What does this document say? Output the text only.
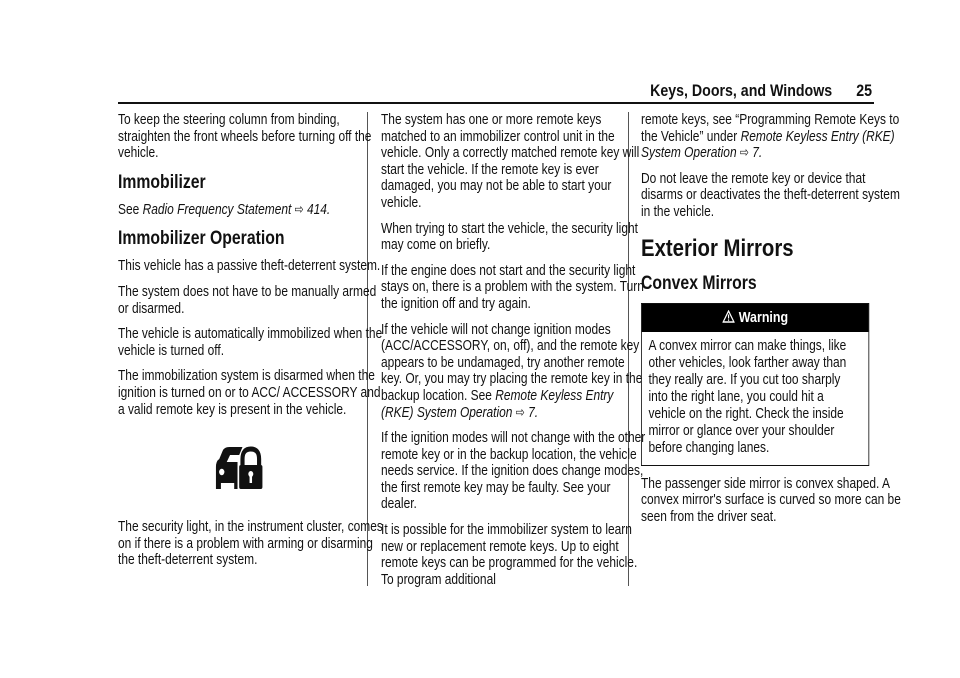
Keys, Doors, and Windows 25

To keep the steering column from binding, straighten the front wheels before turning off the vehicle.

Immobilizer

See Radio Frequency Statement ⇨ 414.

Immobilizer Operation

This vehicle has a passive theft-deterrent system.

The system does not have to be manually armed or disarmed.

The vehicle is automatically immobilized when the vehicle is turned off.

The immobilization system is disarmed when the ignition is turned on or to ACC/ ACCESSORY and a valid remote key is present in the vehicle.

The security light, in the instrument cluster, comes on if there is a problem with arming or disarming the theft-deterrent system.

The system has one or more remote keys matched to an immobilizer control unit in the vehicle. Only a correctly matched remote key will start the vehicle. If the remote key is ever damaged, you may not be able to start your vehicle.

When trying to start the vehicle, the security light may come on briefly.

If the engine does not start and the security light stays on, there is a problem with the system. Turn the ignition off and try again.

If the vehicle will not change ignition modes (ACC/ACCESSORY, on, off), and the remote key appears to be undamaged, try another remote key. Or, you may try placing the remote key in the backup location. See Remote Keyless Entry (RKE) System Operation ⇨ 7.

If the ignition modes will not change with the other remote key or in the backup location, the vehicle needs service. If the ignition does change modes, the first remote key may be faulty. See your dealer.

It is possible for the immobilizer system to learn new or replacement remote keys. Up to eight remote keys can be programmed for the vehicle. To program additional

remote keys, see “Programming Remote Keys to the Vehicle” under Remote Keyless Entry (RKE) System Operation ⇨ 7.

Do not leave the remote key or device that disarms or deactivates the theft-deterrent system in the vehicle.

Exterior Mirrors
Convex Mirrors
Warning
A convex mirror can make things, like other vehicles, look farther away than they really are. If you cut too sharply into the right lane, you could hit a vehicle on the right. Check the inside mirror or glance over your shoulder before changing lanes.

The passenger side mirror is convex shaped. A convex mirror's surface is curved so more can be seen from the driver seat.
